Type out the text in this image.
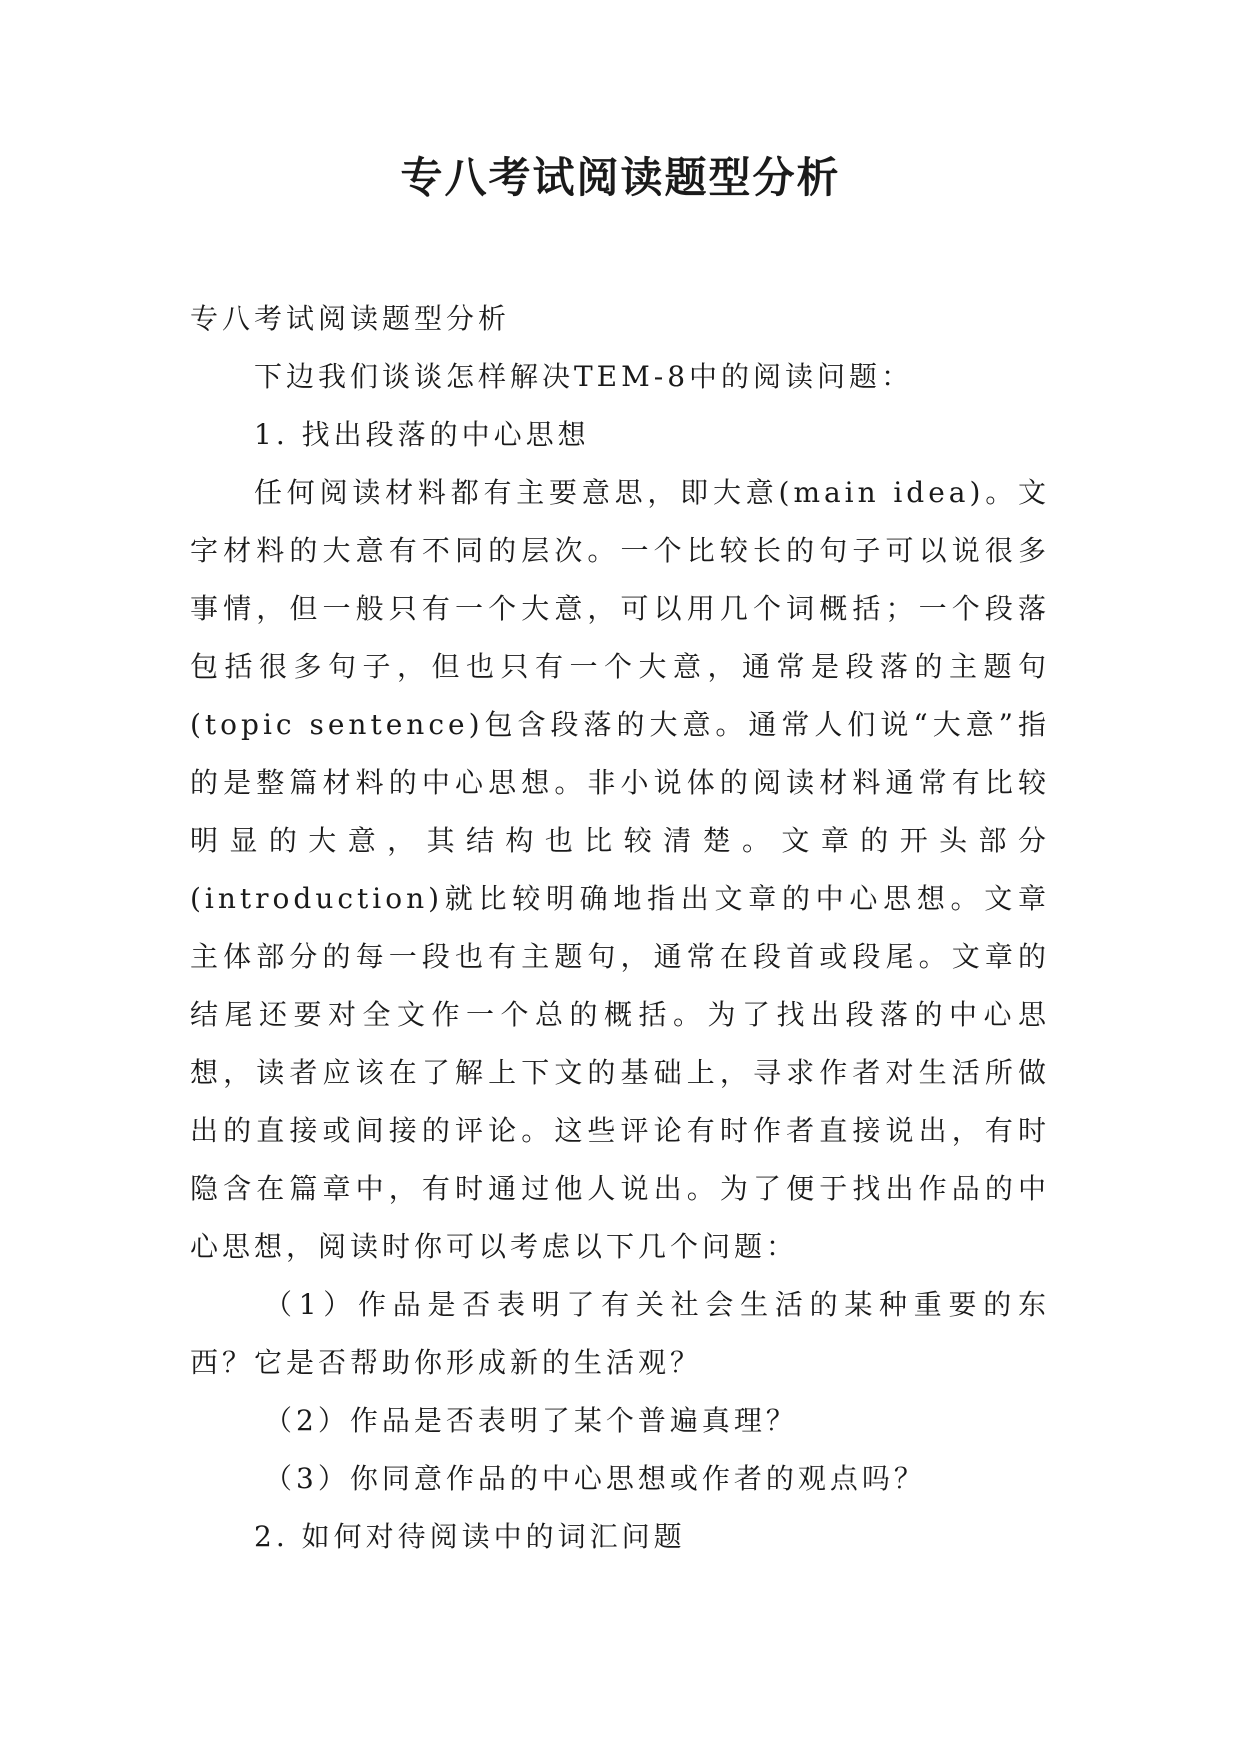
专八考试阅读题型分析

专八考试阅读题型分析

下边我们谈谈怎样解决TEM-8中的阅读问题：

1. 找出段落的中心思想

任何阅读材料都有主要意思，即大意(main idea)。文字材料的大意有不同的层次。一个比较长的句子可以说很多事情，但一般只有一个大意，可以用几个词概括；一个段落包括很多句子，但也只有一个大意，通常是段落的主题句(topic sentence)包含段落的大意。通常人们说“大意”指的是整篇材料的中心思想。非小说体的阅读材料通常有比较明显的大意，其结构也比较清楚。文章的开头部分(introduction)就比较明确地指出文章的中心思想。文章主体部分的每一段也有主题句，通常在段首或段尾。文章的结尾还要对全文作一个总的概括。为了找出段落的中心思想，读者应该在了解上下文的基础上，寻求作者对生活所做出的直接或间接的评论。这些评论有时作者直接说出，有时隐含在篇章中，有时通过他人说出。为了便于找出作品的中心思想，阅读时你可以考虑以下几个问题：

（1）作品是否表明了有关社会生活的某种重要的东西？它是否帮助你形成新的生活观？

（2）作品是否表明了某个普遍真理？

（3）你同意作品的中心思想或作者的观点吗？

2. 如何对待阅读中的词汇问题
